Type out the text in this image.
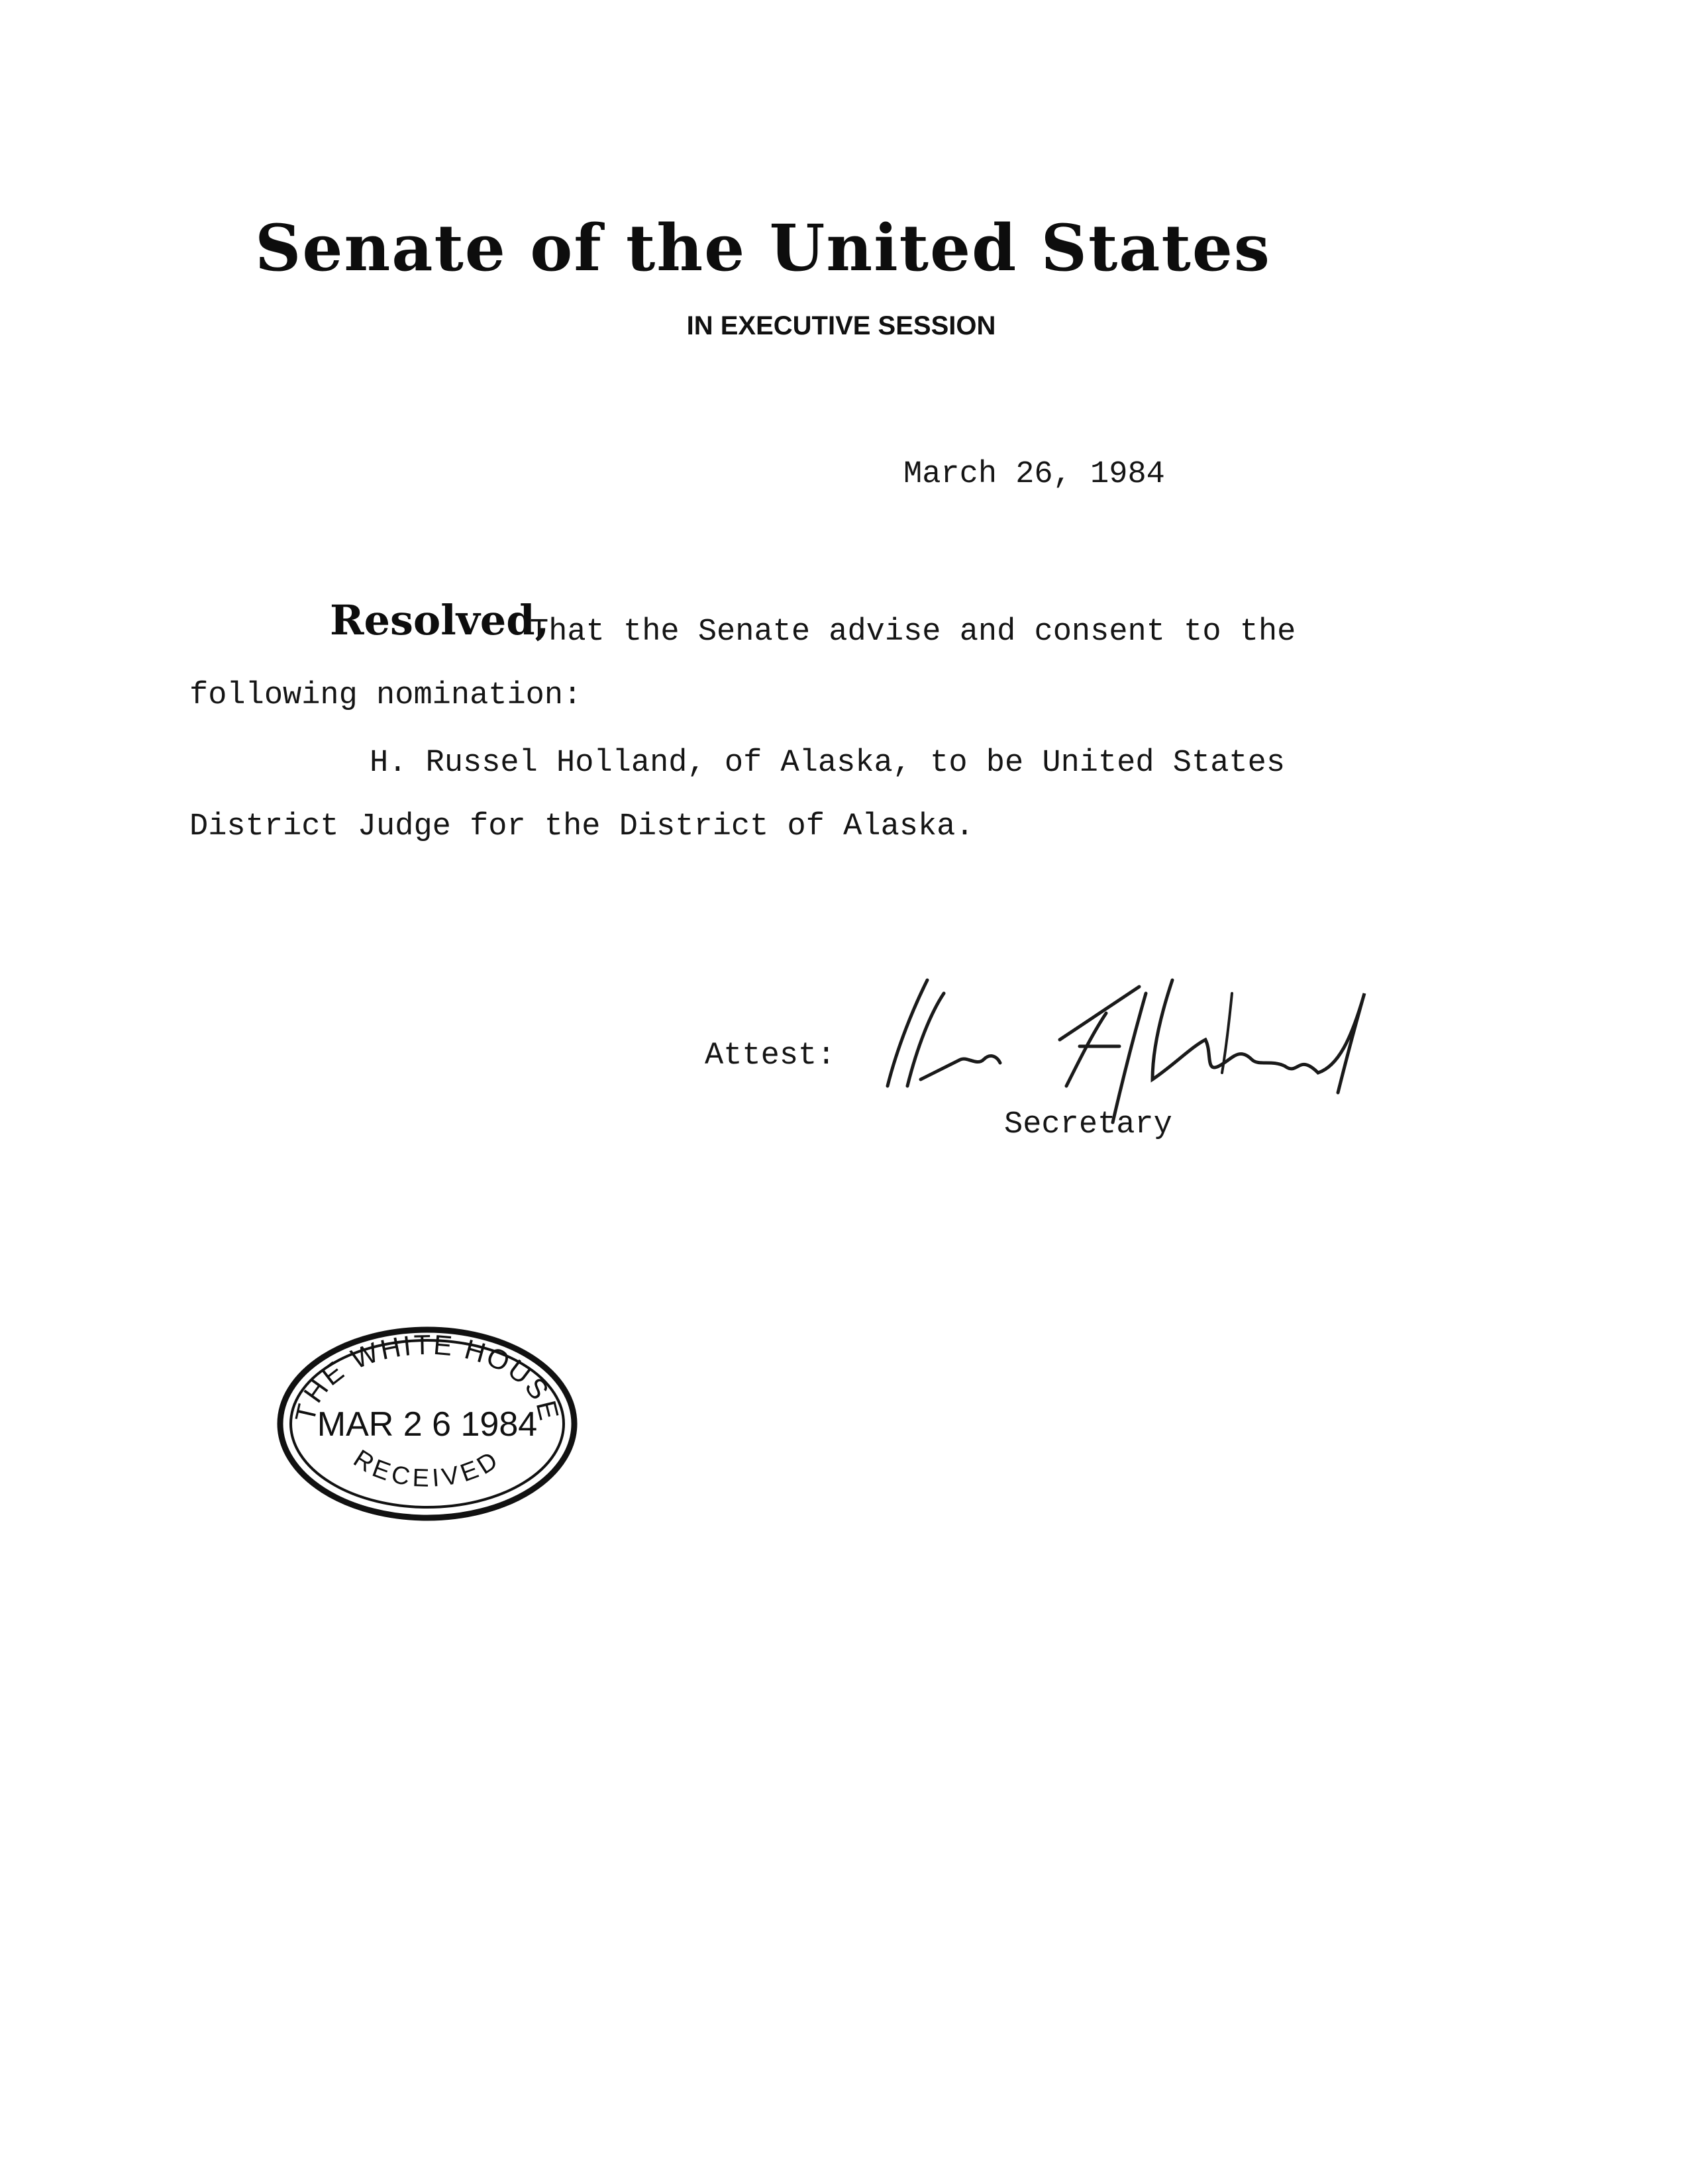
Senate of the United States
IN EXECUTIVE SESSION
March 26, 1984
Resolved,
That the Senate advise and consent to the
following nomination:
H. Russel Holland, of Alaska, to be United States
District Judge for the District of Alaska.
Attest:
Secretary
THE WHITE HOUSE
MAR 2 6 1984
RECEIVED
